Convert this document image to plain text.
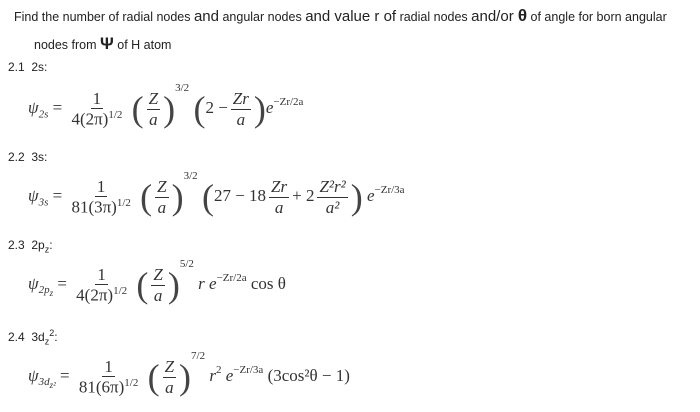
Find the number of radial nodes and angular nodes and value r of radial nodes and/or θ of angle for born angular
nodes from Ψ of H atom
2.1 2s:
$\psi_{2s} = \frac{1}{4(2\pi)^{1/2}}$ ( $\frac{Z}{a} )^{3/2}$ $(2 - \frac{Zr}{a} )e^{-Zr/2a}$
2.2 3s:
$\psi_{3s} = \frac{1}{81(3\pi)^{1/2}}$ ( $\frac{Z}{a} )^{3/2}$ ($27 - 18 \frac{Zr}{a} + 2 \frac{\text{Z²r²}}{\text{a²}}$ ) $e^{-Zr/3a}$
2.3 $2p_z$:
$\psi_{2p_z} = \frac{1}{4(2\pi)^{1/2}}$ ( $\frac{Z}{a} )^{5/2}$ r $e^{-Zr/2a}$ cos θ
2.4 $3d_z^2$:
$\psi_{3d_{z^2}} = \frac{1}{81(6\pi)^{1/2}}$ ( $\frac{Z}{a} )^{7/2}$ $r^2$ $e^{-Zr/3a}$ (3cos²θ − 1)
